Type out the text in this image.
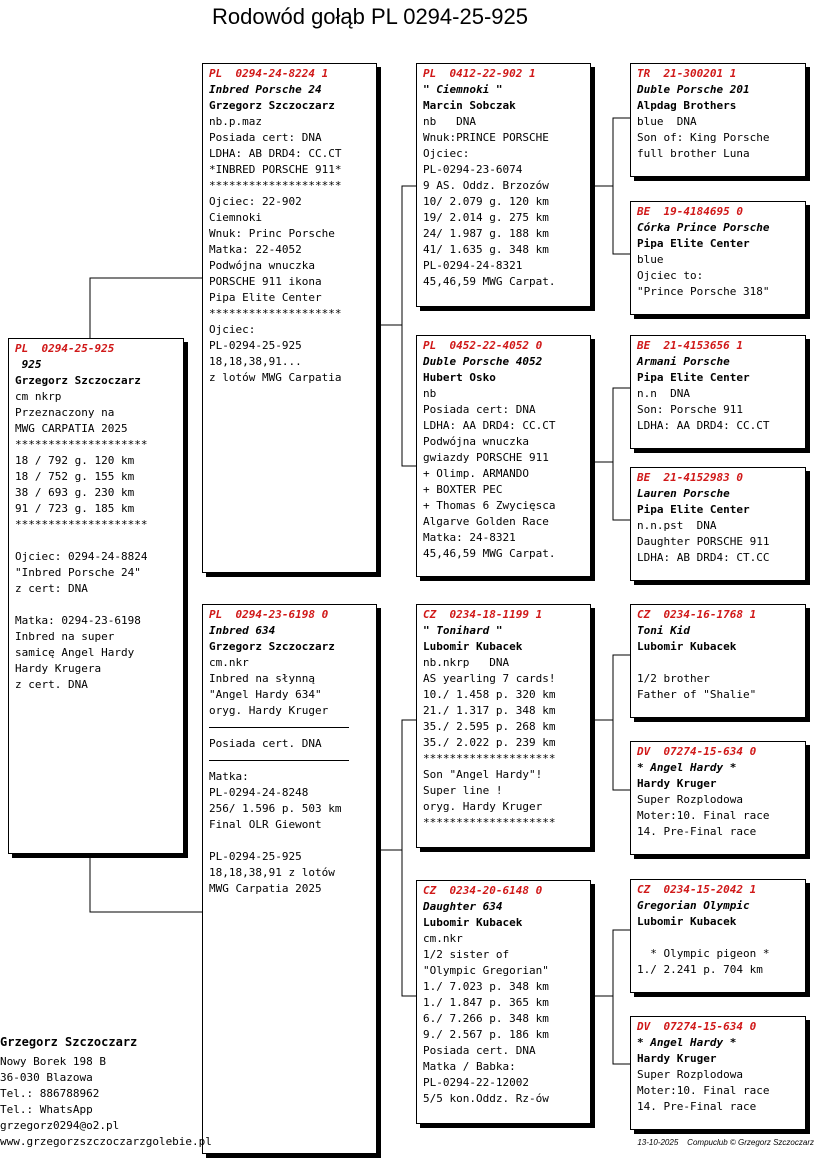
Rodowód gołąb PL 0294-25-925
PL  0294-25-925
925
Grzegorz Szczoczarz
cm nkrp
Przeznaczony na
MWG CARPATIA 2025
********************
18 / 792 g. 120 km
18 / 752 g. 155 km
38 / 693 g. 230 km
91 / 723 g. 185 km
********************
Ojciec: 0294-24-8824
"Inbred Porsche 24"
z cert: DNA
Matka: 0294-23-6198
Inbred na super
samicę Angel Hardy
Hardy Krugera
z cert. DNA
PL  0294-24-8224 1
Inbred Porsche 24
Grzegorz Szczoczarz
nb.p.maz
Posiada cert: DNA
LDHA: AB DRD4: CC.CT
*INBRED PORSCHE 911*
********************
Ojciec: 22-902
Ciemnoki
Wnuk: Princ Porsche
Matka: 22-4052
Podwójna wnuczka
PORSCHE 911 ikona
Pipa Elite Center
********************
Ojciec:
PL-0294-25-925
18,18,38,91...
z lotów MWG Carpatia
PL  0294-23-6198 0
Inbred 634
Grzegorz Szczoczarz
cm.nkr
Inbred na słynną
"Angel Hardy 634"
oryg. Hardy Kruger
Posiada cert. DNA
Matka:
PL-0294-24-8248
256/ 1.596 p. 503 km
Final OLR Giewont
PL-0294-25-925
18,18,38,91 z lotów
MWG Carpatia 2025
PL  0412-22-902 1
" Ciemnoki "
Marcin Sobczak
nb   DNA
Wnuk:PRINCE PORSCHE
Ojciec:
PL-0294-23-6074
9 AS. Oddz. Brzozów
10/ 2.079 g. 120 km
19/ 2.014 g. 275 km
24/ 1.987 g. 188 km
41/ 1.635 g. 348 km
PL-0294-24-8321
45,46,59 MWG Carpat.
PL  0452-22-4052 0
Duble Porsche 4052
Hubert Osko
nb
Posiada cert: DNA
LDHA: AA DRD4: CC.CT
Podwójna wnuczka
gwiazdy PORSCHE 911
+ Olimp. ARMANDO
+ BOXTER PEC
+ Thomas 6 Zwycięsca
Algarve Golden Race
Matka: 24-8321
45,46,59 MWG Carpat.
CZ  0234-18-1199 1
" Tonihard "
Lubomir Kubacek
nb.nkrp   DNA
AS yearling 7 cards!
10./ 1.458 p. 320 km
21./ 1.317 p. 348 km
35./ 2.595 p. 268 km
35./ 2.022 p. 239 km
********************
Son "Angel Hardy"!
Super line !
oryg. Hardy Kruger
********************
CZ  0234-20-6148 0
Daughter 634
Lubomir Kubacek
cm.nkr
1/2 sister of
"Olympic Gregorian"
1./ 7.023 p. 348 km
1./ 1.847 p. 365 km
6./ 7.266 p. 348 km
9./ 2.567 p. 186 km
Posiada cert. DNA
Matka / Babka:
PL-0294-22-12002
5/5 kon.Oddz. Rz-ów
TR  21-300201 1
Duble Porsche 201
Alpdag Brothers
blue  DNA
Son of: King Porsche
full brother Luna
BE  19-4184695 0
Córka Prince Porsche
Pipa Elite Center
blue
Ojciec to:
"Prince Porsche 318"
BE  21-4153656 1
Armani Porsche
Pipa Elite Center
n.n  DNA
Son: Porsche 911
LDHA: AA DRD4: CC.CT
BE  21-4152983 0
Lauren Porsche
Pipa Elite Center
n.n.pst  DNA
Daughter PORSCHE 911
LDHA: AB DRD4: CT.CC
CZ  0234-16-1768 1
Toni Kid
Lubomir Kubacek
1/2 brother
Father of "Shalie"
DV  07274-15-634 0
* Angel Hardy *
Hardy Kruger
Super Rozplodowa
Moter:10. Final race
14. Pre-Final race
CZ  0234-15-2042 1
Gregorian Olympic
Lubomir Kubacek
* Olympic pigeon *
1./ 2.241 p. 704 km
DV  07274-15-634 0
* Angel Hardy *
Hardy Kruger
Super Rozplodowa
Moter:10. Final race
14. Pre-Final race
Grzegorz Szczoczarz
Nowy Borek 198 B
36-030 Blazowa
Tel.: 886788962
Tel.: WhatsApp
grzegorz0294@o2.pl
www.grzegorzszczoczarzgolebie.pl	13-10-2025    Compuclub © Grzegorz Szczoczarz
